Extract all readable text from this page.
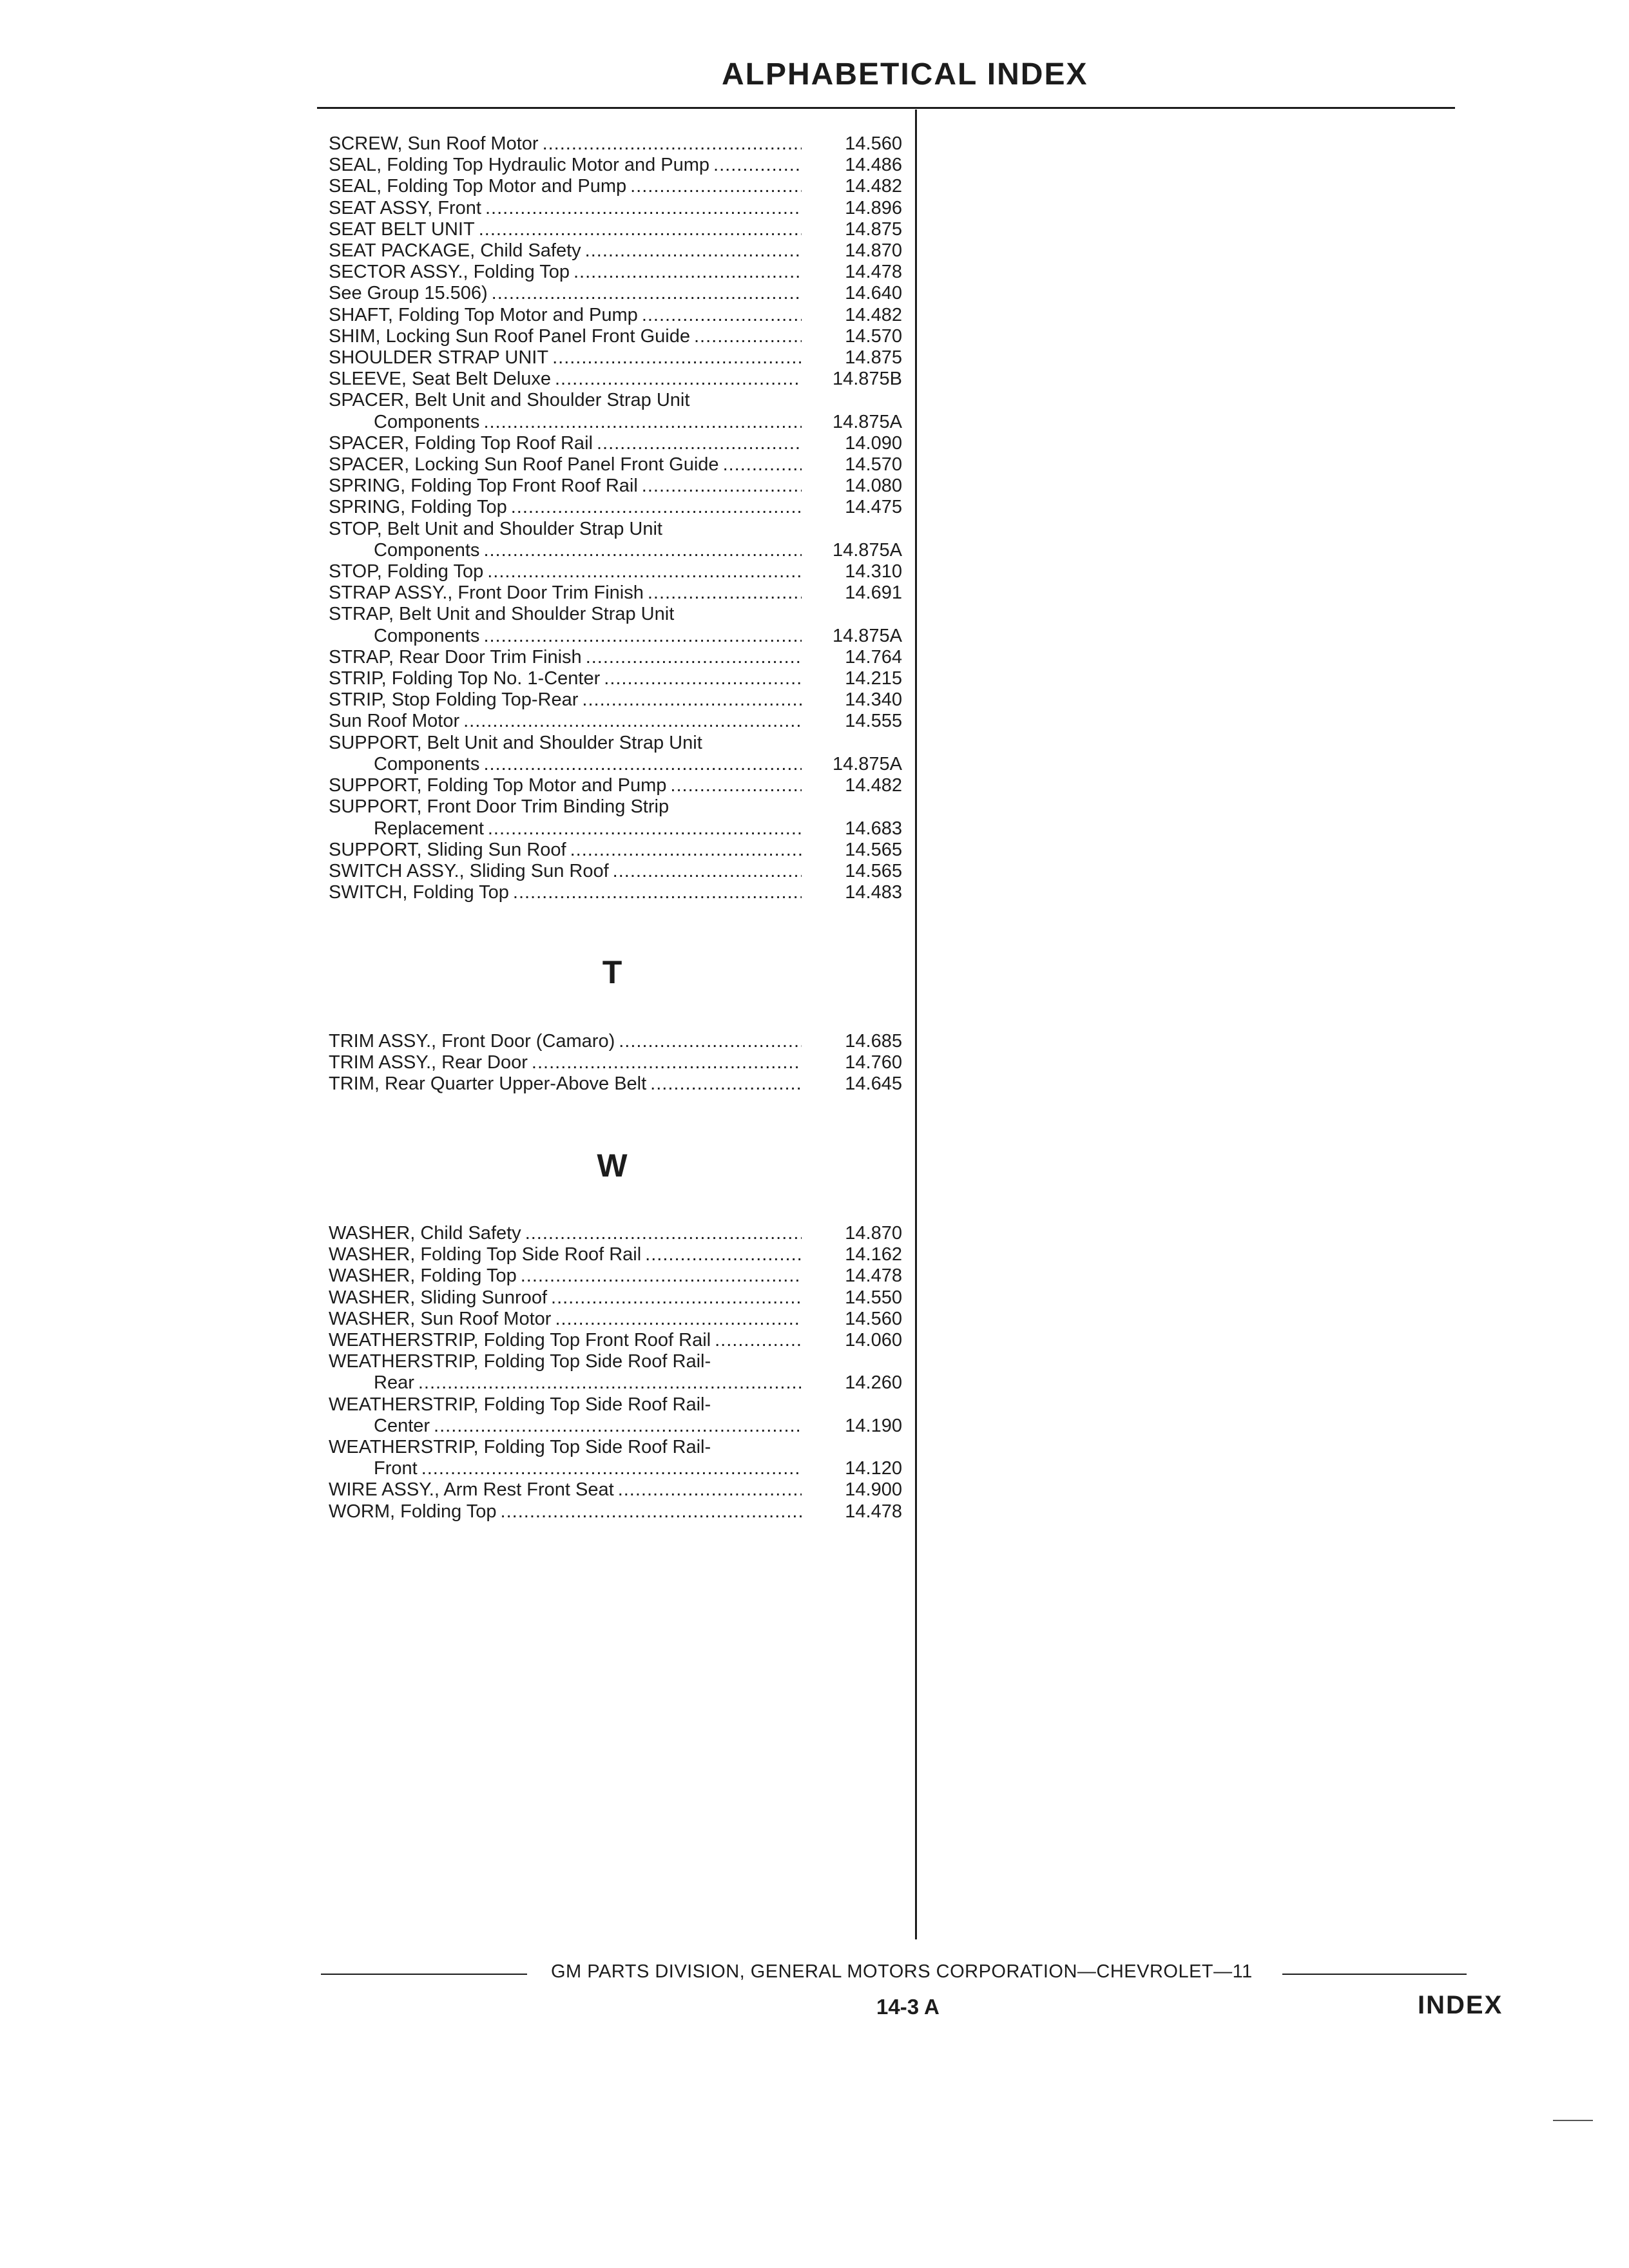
ALPHABETICAL INDEX
SCREW, Sun Roof Motor .....	14.560
SEAL, Folding Top Hydraulic Motor and Pump .....	14.486
SEAL, Folding Top Motor and Pump .....	14.482
SEAT ASSY, Front .....	14.896
SEAT BELT UNIT .....	14.875
SEAT PACKAGE, Child Safety .....	14.870
SECTOR ASSY., Folding Top .....	14.478
See Group 15.506) .....	14.640
SHAFT, Folding Top Motor and Pump .....	14.482
SHIM, Locking Sun Roof Panel Front Guide .....	14.570
SHOULDER STRAP UNIT .....	14.875
SLEEVE, Seat Belt Deluxe .....	14.875B
SPACER, Belt Unit and Shoulder Strap Unit
Components .....	14.875A
SPACER, Folding Top Roof Rail .....	14.090
SPACER, Locking Sun Roof Panel Front Guide .....	14.570
SPRING, Folding Top Front Roof Rail .....	14.080
SPRING, Folding Top .....	14.475
STOP, Belt Unit and Shoulder Strap Unit
Components .....	14.875A
STOP, Folding Top .....	14.310
STRAP ASSY., Front Door Trim Finish .....	14.691
STRAP, Belt Unit and Shoulder Strap Unit
Components .....	14.875A
STRAP, Rear Door Trim Finish .....	14.764
STRIP, Folding Top No. 1-Center .....	14.215
STRIP, Stop Folding Top-Rear .....	14.340
Sun Roof Motor .....	14.555
SUPPORT, Belt Unit and Shoulder Strap Unit
Components .....	14.875A
SUPPORT, Folding Top Motor and Pump .....	14.482
SUPPORT, Front Door Trim Binding Strip
Replacement .....	14.683
SUPPORT, Sliding Sun Roof .....	14.565
SWITCH ASSY., Sliding Sun Roof .....	14.565
SWITCH, Folding Top .....	14.483
T
TRIM ASSY., Front Door (Camaro) .....	14.685
TRIM ASSY., Rear Door .....	14.760
TRIM, Rear Quarter Upper-Above Belt .....	14.645
W
WASHER, Child Safety .....	14.870
WASHER, Folding Top Side Roof Rail .....	14.162
WASHER, Folding Top .....	14.478
WASHER, Sliding Sunroof .....	14.550
WASHER, Sun Roof Motor .....	14.560
WEATHERSTRIP, Folding Top Front Roof Rail .....	14.060
WEATHERSTRIP, Folding Top Side Roof Rail-
Rear .....	14.260
WEATHERSTRIP, Folding Top Side Roof Rail-
Center .....	14.190
WEATHERSTRIP, Folding Top Side Roof Rail-
Front .....	14.120
WIRE ASSY., Arm Rest Front Seat .....	14.900
WORM, Folding Top .....	14.478
GM PARTS DIVISION, GENERAL MOTORS CORPORATION—CHEVROLET—11
14-3 A	INDEX
